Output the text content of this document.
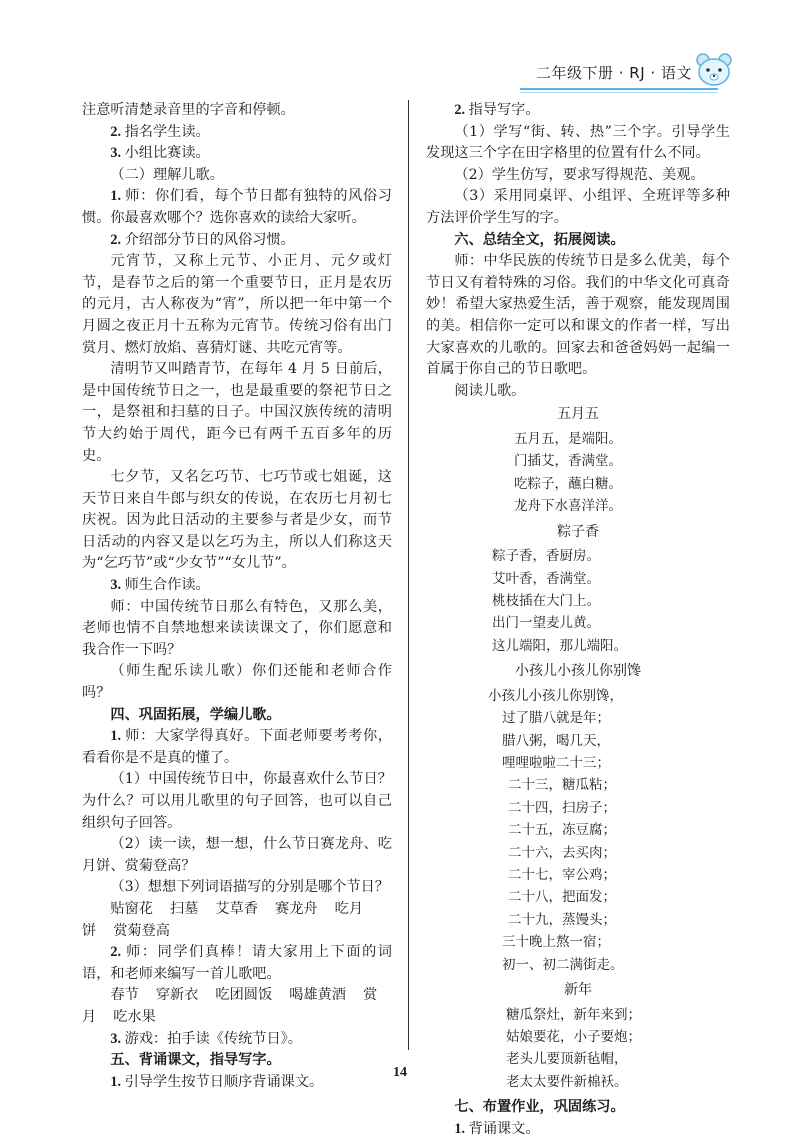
二年级下册 · RJ · 语文

注意听清楚录音里的字音和停顿。

2. 指名学生读。

3. 小组比赛读。

（二）理解儿歌。

1. 师：你们看，每个节日都有独特的风俗习惯。你最喜欢哪个？选你喜欢的读给大家听。

2. 介绍部分节日的风俗习惯。

元宵节，又称上元节、小正月、元夕或灯节，是春节之后的第一个重要节日，正月是农历的元月，古人称夜为“宵”，所以把一年中第一个月圆之夜正月十五称为元宵节。传统习俗有出门赏月、燃灯放焰、喜猜灯谜、共吃元宵等。

清明节又叫踏青节，在每年 4 月 5 日前后，是中国传统节日之一，也是最重要的祭祀节日之一，是祭祖和扫墓的日子。中国汉族传统的清明节大约始于周代，距今已有两千五百多年的历史。

七夕节，又名乞巧节、七巧节或七姐诞，这天节日来自牛郎与织女的传说，在农历七月初七庆祝。因为此日活动的主要参与者是少女，而节日活动的内容又是以乞巧为主，所以人们称这天为“乞巧节”或“少女节”“女儿节”。

3. 师生合作读。

师：中国传统节日那么有特色，又那么美，老师也情不自禁地想来读读课文了，你们愿意和我合作一下吗？

（师生配乐读儿歌）你们还能和老师合作吗？

四、巩固拓展，学编儿歌。

1. 师：大家学得真好。下面老师要考考你，看看你是不是真的懂了。

（1）中国传统节日中，你最喜欢什么节日？为什么？可以用儿歌里的句子回答，也可以自己组织句子回答。

（2）读一读，想一想，什么节日赛龙舟、吃月饼、赏菊登高？

（3）想想下列词语描写的分别是哪个节日？

贴窗花 扫墓 艾草香 赛龙舟 吃月饼 赏菊登高

2. 师：同学们真棒！请大家用上下面的词语，和老师来编写一首儿歌吧。

春节 穿新衣 吃团圆饭 喝雄黄酒 赏月 吃水果

3. 游戏：拍手读《传统节日》。

五、背诵课文，指导写字。

1. 引导学生按节日顺序背诵课文。

2. 指导写字。

（1）学写“街、转、热”三个字。引导学生发现这三个字在田字格里的位置有什么不同。

（2）学生仿写，要求写得规范、美观。

（3）采用同桌评、小组评、全班评等多种方法评价学生写的字。

六、总结全文，拓展阅读。

师：中华民族的传统节日是多么优美，每个节日又有着特殊的习俗。我们的中华文化可真奇妙！希望大家热爱生活，善于观察，能发现周围的美。相信你一定可以和课文的作者一样，写出大家喜欢的儿歌的。回家去和爸爸妈妈一起编一首属于你自己的节日歌吧。

阅读儿歌。

五月五

五月五，是端阳。

门插艾，香满堂。

吃粽子，蘸白糖。

龙舟下水喜洋洋。

粽子香

粽子香，香厨房。

艾叶香，香满堂。

桃枝插在大门上。

出门一望麦儿黄。

这儿端阳，那儿端阳。

小孩儿小孩儿你别馋

小孩儿小孩儿你别馋，

过了腊八就是年；

腊八粥，喝几天，

哩哩啦啦二十三；

二十三，糖瓜粘；

二十四，扫房子；

二十五，冻豆腐；

二十六，去买肉；

二十七，宰公鸡；

二十八，把面发；

二十九，蒸馒头；

三十晚上熬一宿；

初一、初二满街走。

新年

糖瓜祭灶，新年来到；

姑娘要花，小子要炮；

老头儿要顶新毡帽，

老太太要件新棉袄。

七、布置作业，巩固练习。

1. 背诵课文。

14
